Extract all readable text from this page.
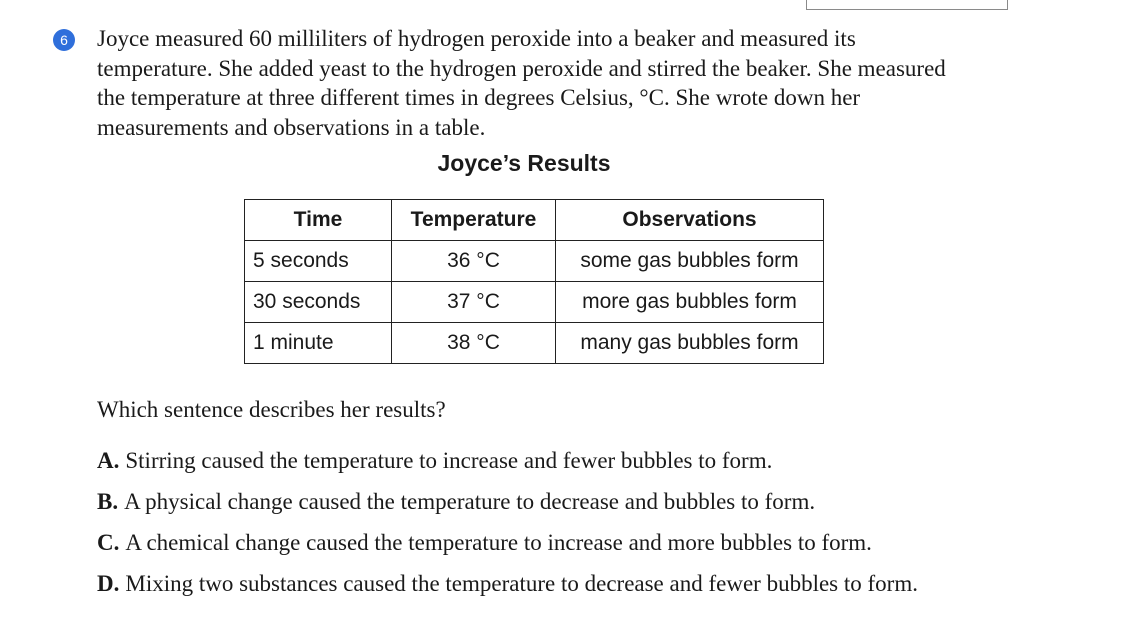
6	Joyce measured 60 milliliters of hydrogen peroxide into a beaker and measured its temperature. She added yeast to the hydrogen peroxide and stirred the beaker. She measured the temperature at three different times in degrees Celsius, °C. She wrote down her measurements and observations in a table.

Joyce’s Results

Time	Temperature	Observations
5 seconds	36 °C	some gas bubbles form
30 seconds	37 °C	more gas bubbles form
1 minute	38 °C	many gas bubbles form

Which sentence describes her results?

A. Stirring caused the temperature to increase and fewer bubbles to form.
B. A physical change caused the temperature to decrease and bubbles to form.
C. A chemical change caused the temperature to increase and more bubbles to form.
D. Mixing two substances caused the temperature to decrease and fewer bubbles to form.
